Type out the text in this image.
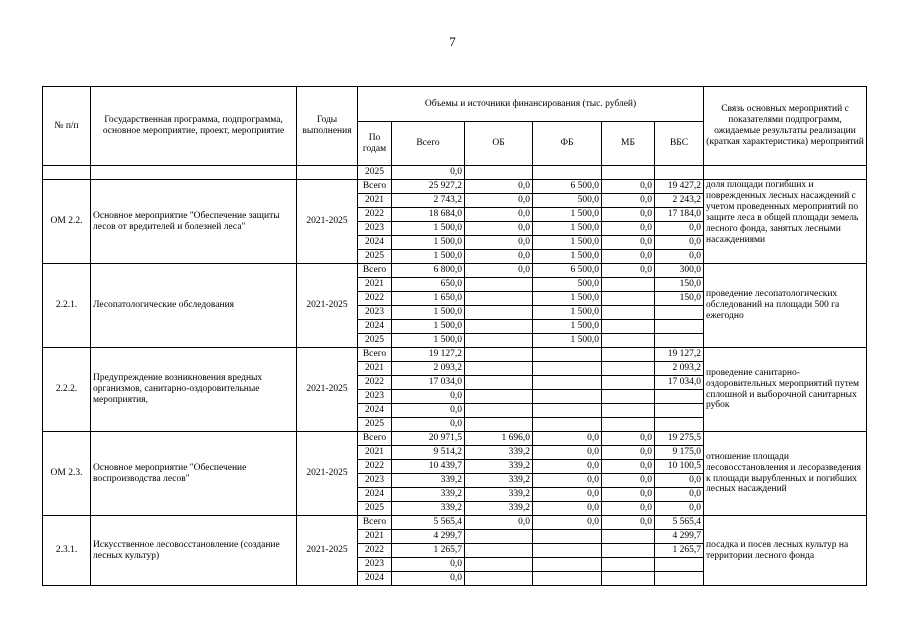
7
№ п/п	Государственная программа, подпрограмма, основное мероприятие, проект, мероприятие	Годы выполнения	Объемы и источники финансирования (тыс. рублей)						Связь основных мероприятий с показателями подпрограмм, ожидаемые результаты реализации (краткая характеристика) мероприятий
			По годам	Всего	ОБ	ФБ	МБ	ВБС	
			2025	0,0					
ОМ 2.2.	Основное мероприятие "Обеспечение защиты лесов от вредителей и болезней леса"	2021-2025	Всего	25 927,2	0,0	6 500,0	0,0	19 427,2	доля площади погибших и поврежденных лесных насаждений с учетом проведенных мероприятий по защите леса в общей площади земель лесного фонда, занятых лесными насаждениями
			2021	2 743,2	0,0	500,0	0,0	2 243,2	
			2022	18 684,0	0,0	1 500,0	0,0	17 184,0	
			2023	1 500,0	0,0	1 500,0	0,0	0,0	
			2024	1 500,0	0,0	1 500,0	0,0	0,0	
			2025	1 500,0	0,0	1 500,0	0,0	0,0	
2.2.1.	Лесопатологические обследования	2021-2025	Всего	6 800,0	0,0	6 500,0	0,0	300,0	проведение лесопатологических обследований на площади 500 га ежегодно
			2021	650,0		500,0		150,0	
			2022	1 650,0		1 500,0		150,0	
			2023	1 500,0		1 500,0			
			2024	1 500,0		1 500,0			
			2025	1 500,0		1 500,0			
2.2.2.	Предупреждение возникновения вредных организмов, санитарно-оздоровительные мероприятия,	2021-2025	Всего	19 127,2				19 127,2	проведение санитарно-оздоровительных мероприятий путем сплошной и выборочной санитарных рубок
			2021	2 093,2				2 093,2	
			2022	17 034,0				17 034,0	
			2023	0,0					
			2024	0,0					
			2025	0,0					
ОМ 2.3.	Основное мероприятие "Обеспечение воспроизводства лесов"	2021-2025	Всего	20 971,5	1 696,0	0,0	0,0	19 275,5	отношение площади лесовосстановления и лесоразведения к площади вырубленных и погибших лесных насаждений
			2021	9 514,2	339,2	0,0	0,0	9 175,0	
			2022	10 439,7	339,2	0,0	0,0	10 100,5	
			2023	339,2	339,2	0,0	0,0	0,0	
			2024	339,2	339,2	0,0	0,0	0,0	
			2025	339,2	339,2	0,0	0,0	0,0	
2.3.1.	Искусственное лесовосстановление (создание лесных культур)	2021-2025	Всего	5 565,4	0,0	0,0	0,0	5 565,4	посадка и посев лесных культур на территории лесного фонда
			2021	4 299,7				4 299,7	
			2022	1 265,7				1 265,7	
			2023	0,0					
			2024	0,0					
